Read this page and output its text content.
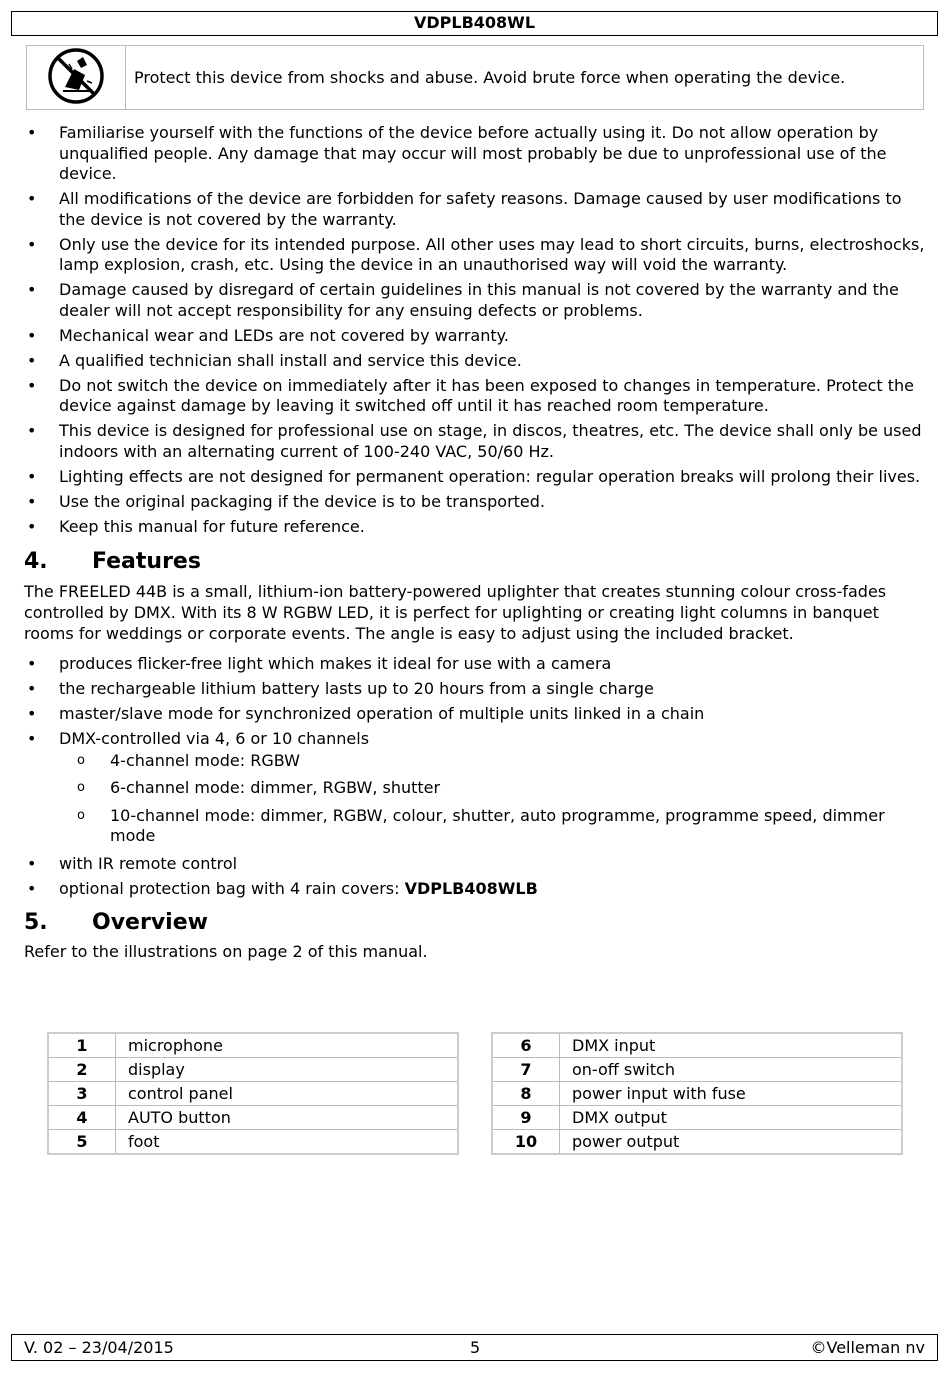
VDPLB408WL
Protect this device from shocks and abuse. Avoid brute force when operating the device.
• Familiarise yourself with the functions of the device before actually using it. Do not allow operation by unqualified people. Any damage that may occur will most probably be due to unprofessional use of the device.
• All modifications of the device are forbidden for safety reasons. Damage caused by user modifications to the device is not covered by the warranty.
• Only use the device for its intended purpose. All other uses may lead to short circuits, burns, electroshocks, lamp explosion, crash, etc. Using the device in an unauthorised way will void the warranty.
• Damage caused by disregard of certain guidelines in this manual is not covered by the warranty and the dealer will not accept responsibility for any ensuing defects or problems.
• Mechanical wear and LEDs are not covered by warranty.
• A qualified technician shall install and service this device.
• Do not switch the device on immediately after it has been exposed to changes in temperature. Protect the device against damage by leaving it switched off until it has reached room temperature.
• This device is designed for professional use on stage, in discos, theatres, etc. The device shall only be used indoors with an alternating current of 100-240 VAC, 50/60 Hz.
• Lighting effects are not designed for permanent operation: regular operation breaks will prolong their lives.
• Use the original packaging if the device is to be transported.
• Keep this manual for future reference.
4. Features

The FREELED 44B is a small, lithium-ion battery-powered uplighter that creates stunning colour cross-fades controlled by DMX. With its 8 W RGBW LED, it is perfect for uplighting or creating light columns in banquet rooms for weddings or corporate events. The angle is easy to adjust using the included bracket.

• produces flicker-free light which makes it ideal for use with a camera
• the rechargeable lithium battery lasts up to 20 hours from a single charge
• master/slave mode for synchronized operation of multiple units linked in a chain
• DMX-controlled via 4, 6 or 10 channels
o 4-channel mode: RGBW
o 6-channel mode: dimmer, RGBW, shutter
o 10-channel mode: dimmer, RGBW, colour, shutter, auto programme, programme speed, dimmer mode
• with IR remote control
• optional protection bag with 4 rain covers: VDPLB408WLB
5. Overview

Refer to the illustrations on page 2 of this manual.

1	microphone
2	display
3	control panel
4	AUTO button
5	foot
6	DMX input
7	on-off switch
8	power input with fuse
9	DMX output
10	power output
V. 02 – 23/04/2015	5	©Velleman nv
